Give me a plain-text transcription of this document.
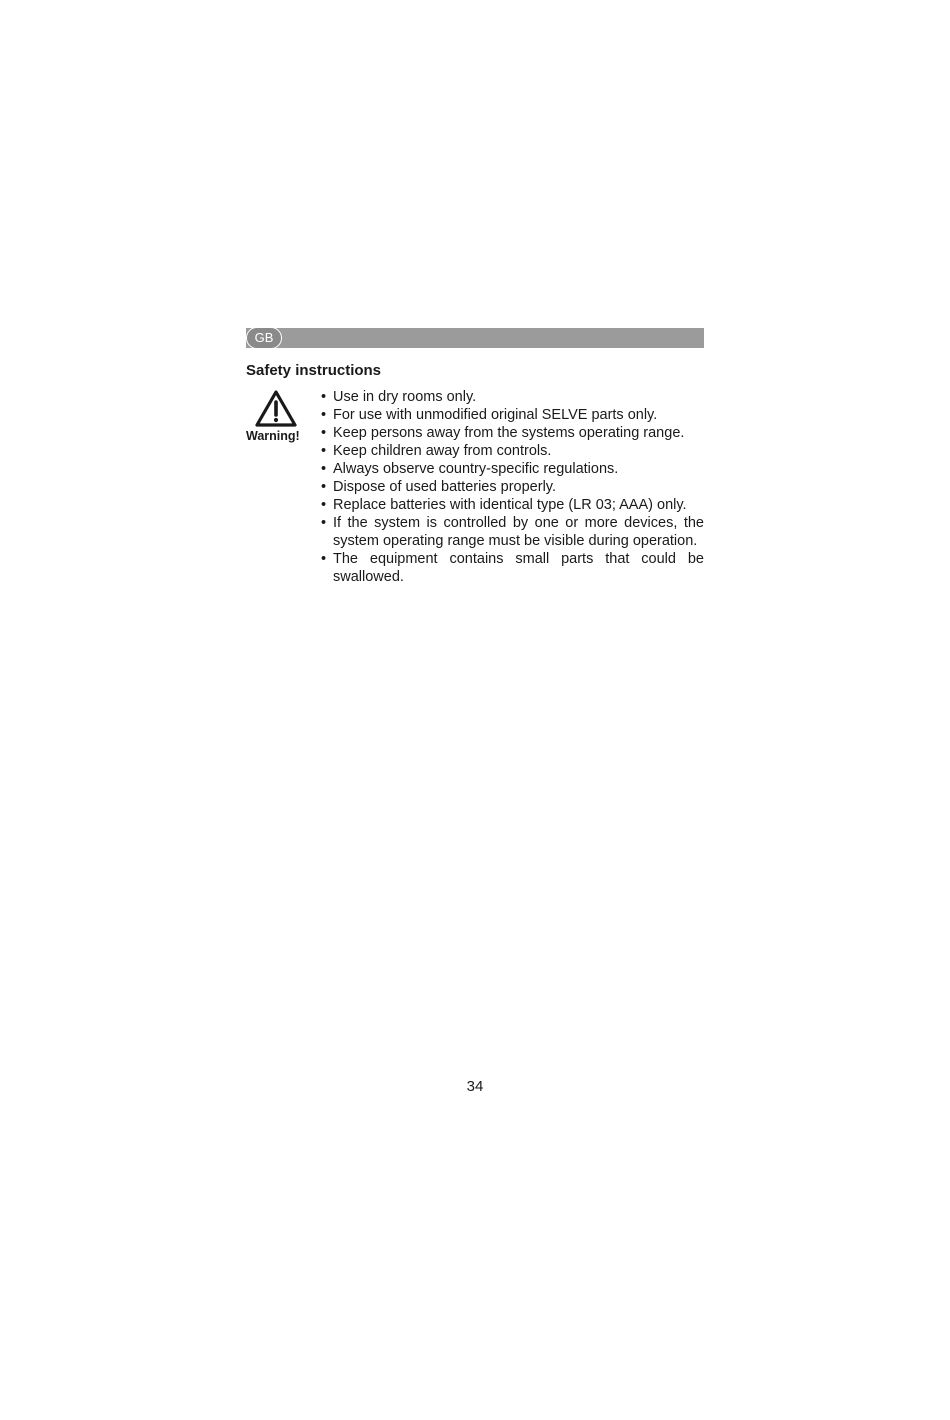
GB
Safety instructions
Warning!
• Use in dry rooms only.
• For use with unmodified original SELVE parts only.
• Keep persons away from the systems operating range.
• Keep children away from controls.
• Always observe country-specific regulations.
• Dispose of used batteries properly.
• Replace batteries with identical type (LR 03; AAA) only.
• If the system is controlled by one or more devices, the system operating range must be visible during operation.
• The equipment contains small parts that could be swallowed.
34
